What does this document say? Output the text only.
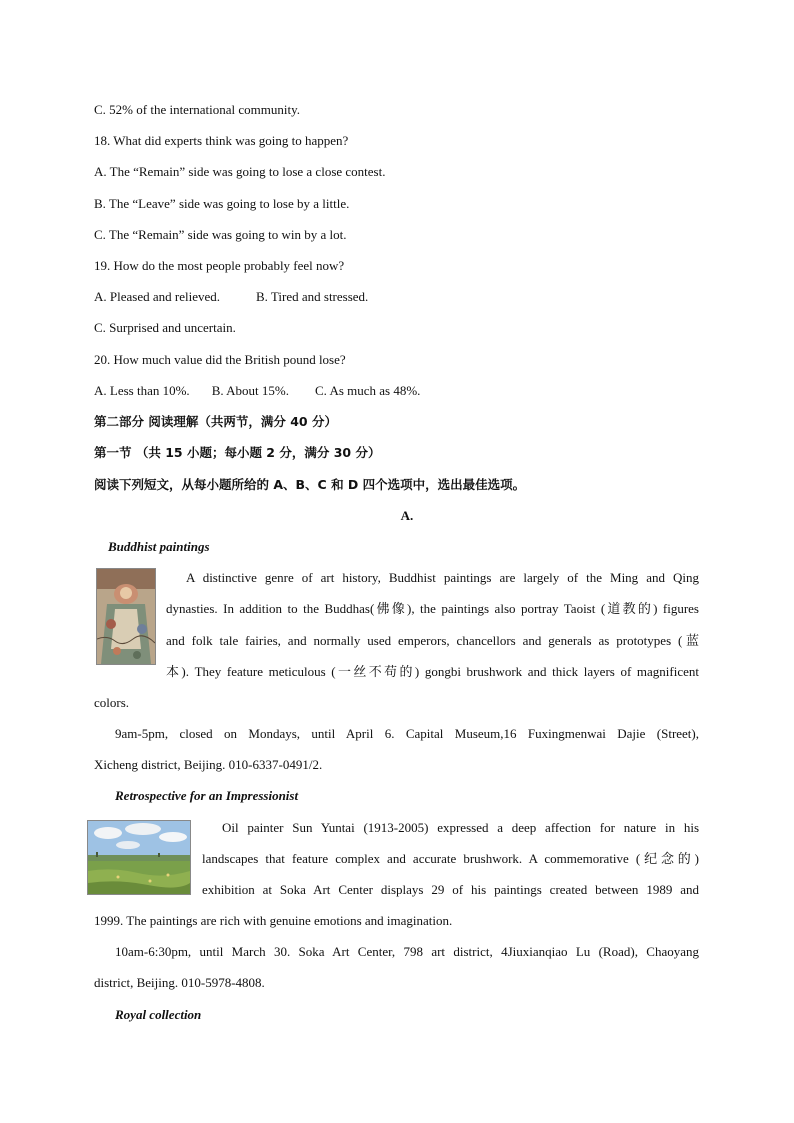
C. 52% of the international community.
18. What did experts think was going to happen?
A. The “Remain” side was going to lose a close contest.
B. The “Leave” side was going to lose by a little.
C. The “Remain” side was going to win by a lot.
19. How do the most people probably feel now?
A. Pleased and relieved.	B. Tired and stressed.
C. Surprised and uncertain.
20. How much value did the British pound lose?
A. Less than 10%. B. About 15%. C. As much as 48%.
第二部分 阅读理解（共两节，满分 40 分）
第一节 （共 15 小题；每小题 2 分，满分 30 分）
阅读下列短文，从每小题所给的 A、B、C 和 D 四个选项中，选出最佳选项。
A.
Buddhist paintings
A distinctive genre of art history, Buddhist paintings are largely of the Ming and Qing
dynasties. In addition to the Buddhas(佛像), the paintings also portray Taoist (道教的) figures
and folk tale fairies, and normally used emperors, chancellors and generals as prototypes (蓝
本). They feature meticulous (一丝不苟的) gongbi brushwork and thick layers of magnificent
colors.
9am-5pm, closed on Mondays, until April 6. Capital Museum,16 Fuxingmenwai Dajie (Street),
Xicheng district, Beijing. 010-6337-0491/2.
Retrospective for an Impressionist
Oil painter Sun Yuntai (1913-2005) expressed a deep affection for nature in his
landscapes that feature complex and accurate brushwork. A commemorative (纪念的)
exhibition at Soka Art Center displays 29 of his paintings created between 1989 and
1999. The paintings are rich with genuine emotions and imagination.
10am-6:30pm, until March 30. Soka Art Center, 798 art district, 4Jiuxianqiao Lu (Road), Chaoyang
district, Beijing. 010-5978-4808.
Royal collection
